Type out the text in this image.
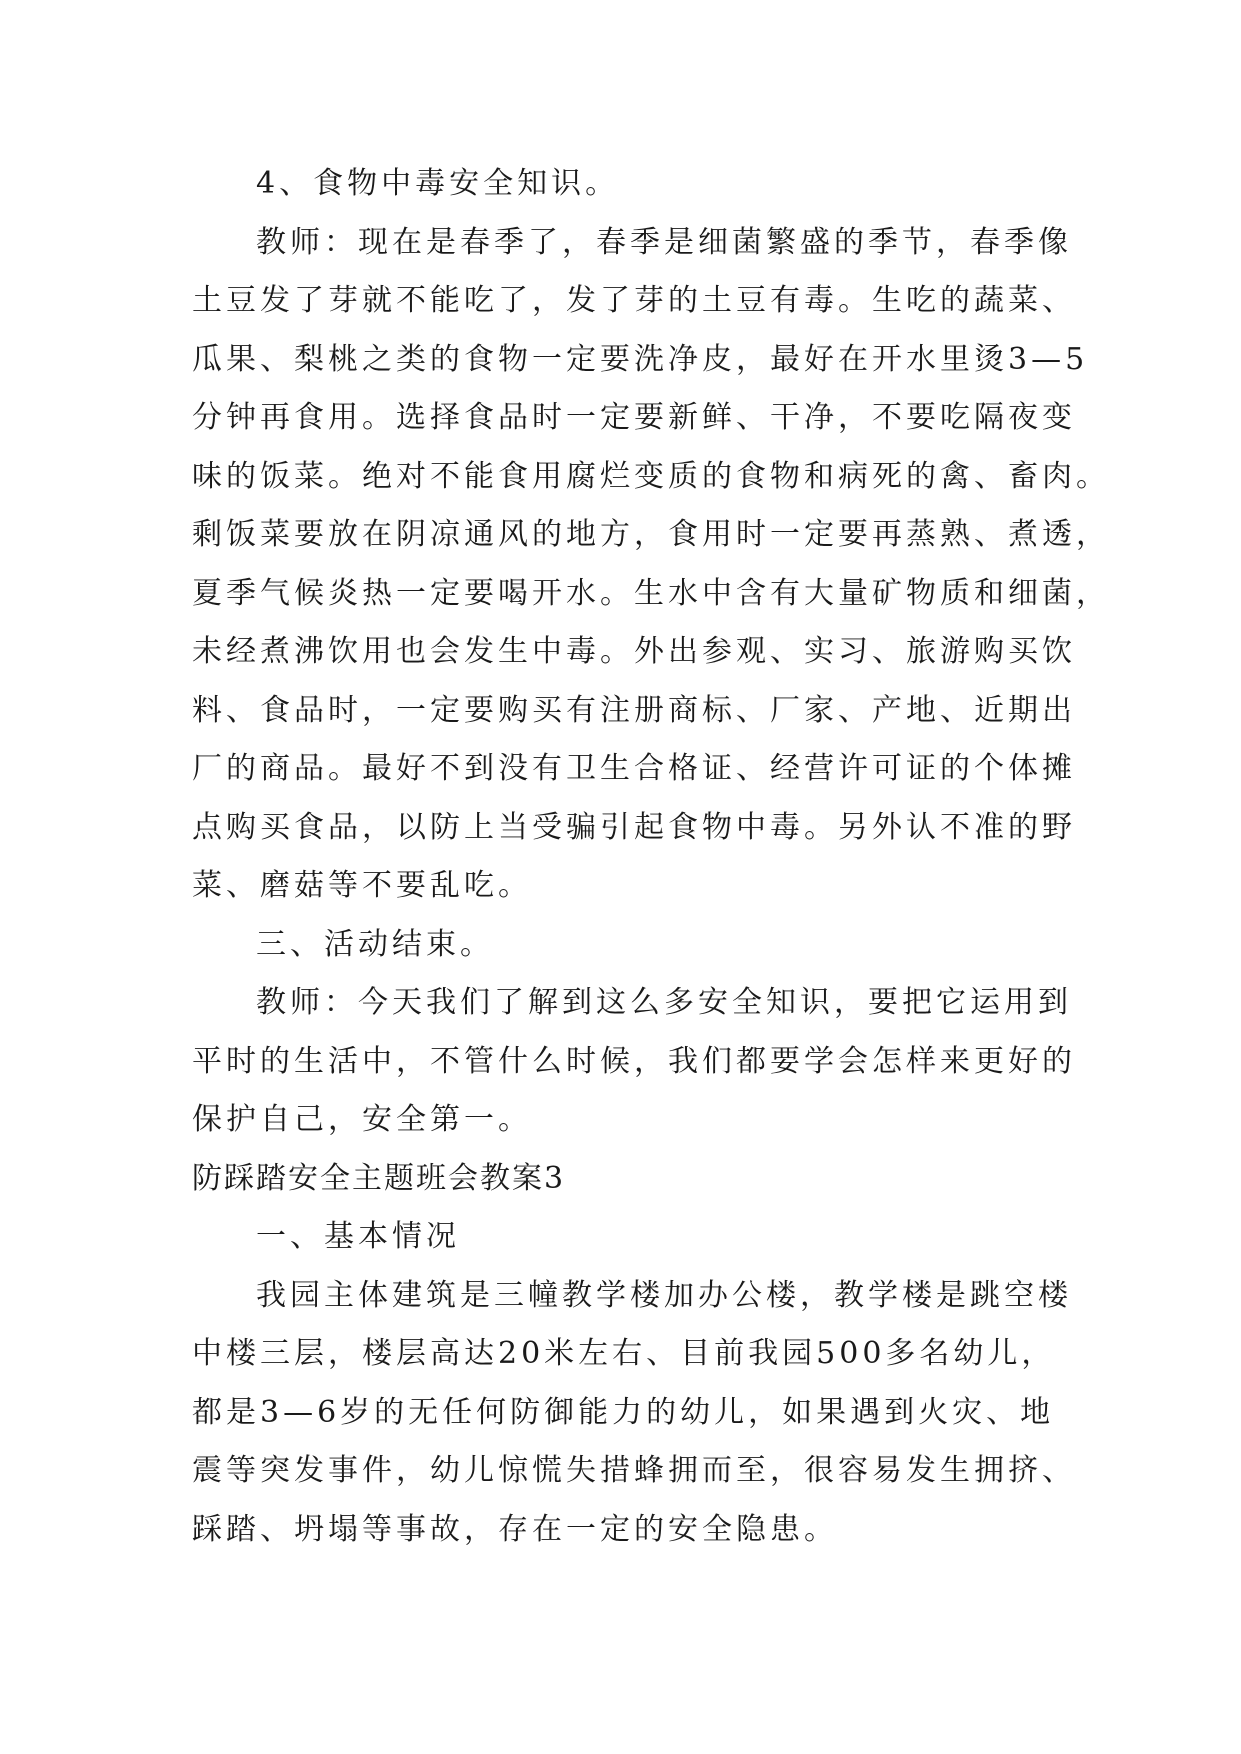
4、食物中毒安全知识。
教师：现在是春季了，春季是细菌繁盛的季节，春季像
土豆发了芽就不能吃了，发了芽的土豆有毒。生吃的蔬菜、
瓜果、梨桃之类的食物一定要洗净皮，最好在开水里烫3—5
分钟再食用。选择食品时一定要新鲜、干净，不要吃隔夜变
味的饭菜。绝对不能食用腐烂变质的食物和病死的禽、畜肉。
剩饭菜要放在阴凉通风的地方，食用时一定要再蒸熟、煮透，
夏季气候炎热一定要喝开水。生水中含有大量矿物质和细菌，
未经煮沸饮用也会发生中毒。外出参观、实习、旅游购买饮
料、食品时，一定要购买有注册商标、厂家、产地、近期出
厂的商品。最好不到没有卫生合格证、经营许可证的个体摊
点购买食品，以防上当受骗引起食物中毒。另外认不准的野
菜、磨菇等不要乱吃。
三、活动结束。
教师：今天我们了解到这么多安全知识，要把它运用到
平时的生活中，不管什么时候，我们都要学会怎样来更好的
保护自己，安全第一。
防踩踏安全主题班会教案3
一、基本情况
我园主体建筑是三幢教学楼加办公楼，教学楼是跳空楼
中楼三层，楼层高达20米左右、目前我园500多名幼儿，
都是3—6岁的无任何防御能力的幼儿，如果遇到火灾、地
震等突发事件，幼儿惊慌失措蜂拥而至，很容易发生拥挤、
踩踏、坍塌等事故，存在一定的安全隐患。
